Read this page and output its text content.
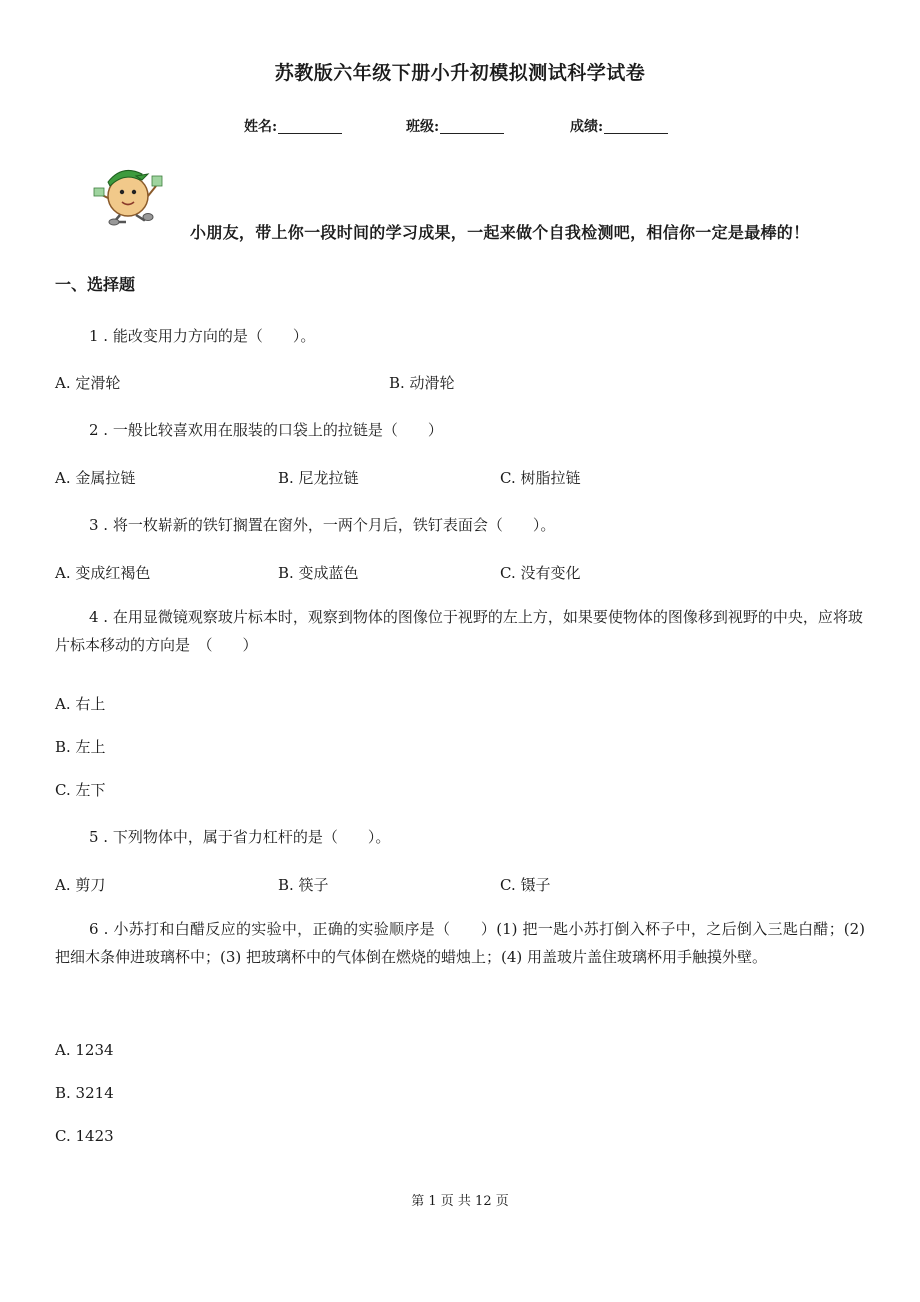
苏教版六年级下册小升初模拟测试科学试卷
姓名:	班级:	成绩:
小朋友，带上你一段时间的学习成果，一起来做个自我检测吧，相信你一定是最棒的！
一、选择题
1 . 能改变用力方向的是（　　）。
A. 定滑轮	B. 动滑轮
2 . 一般比较喜欢用在服装的口袋上的拉链是（　　）
A. 金属拉链	B. 尼龙拉链	C. 树脂拉链
3 . 将一枚崭新的铁钉搁置在窗外，一两个月后，铁钉表面会（　　）。
A. 变成红褐色	B. 变成蓝色	C. 没有变化
4 . 在用显微镜观察玻片标本时，观察到物体的图像位于视野的左上方，如果要使物体的图像移到视野的中央，应将玻片标本移动的方向是　（　　）
A. 右上
B. 左上
C. 左下
5 . 下列物体中，属于省力杠杆的是（　　）。
A. 剪刀	B. 筷子	C. 镊子
6 . 小苏打和白醋反应的实验中，正确的实验顺序是（　　）(1) 把一匙小苏打倒入杯子中，之后倒入三匙白醋；(2) 把细木条伸进玻璃杯中；(3) 把玻璃杯中的气体倒在燃烧的蜡烛上；(4) 用盖玻片盖住玻璃杯用手触摸外壁。
A. 1234
B. 3214
C. 1423
第 1 页 共 12 页
